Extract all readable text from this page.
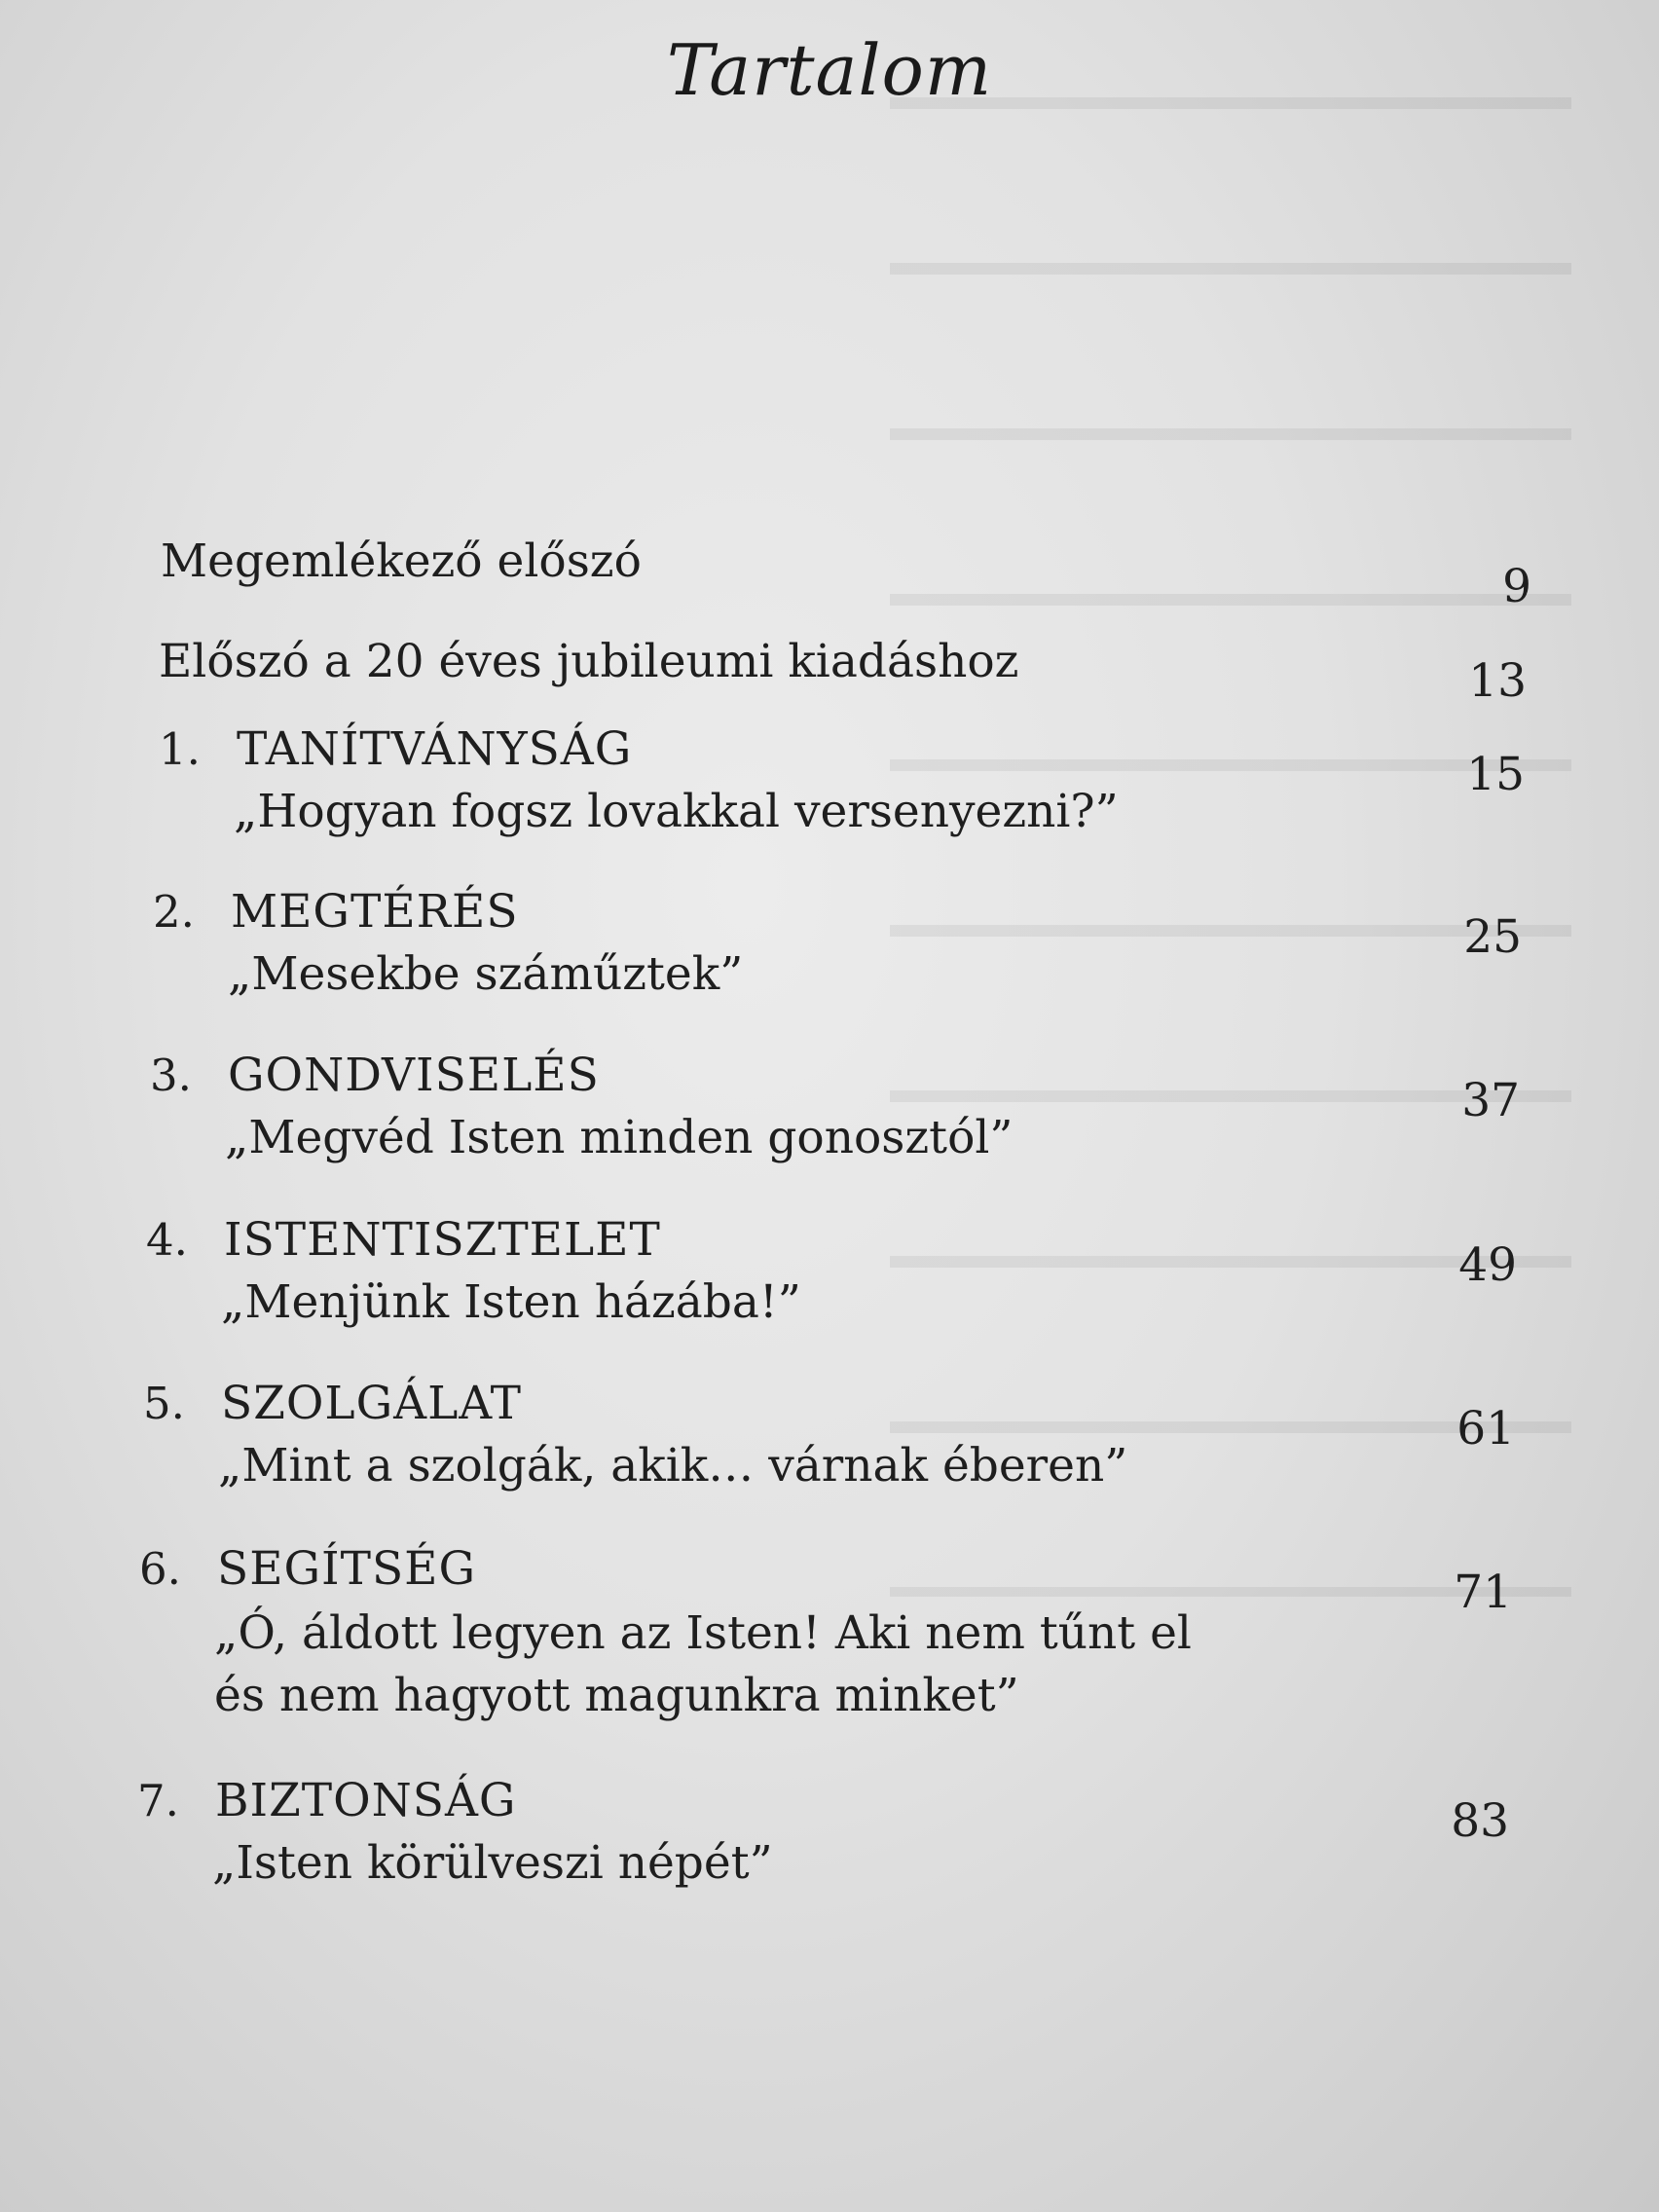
Tartalom
Megemlékező előszó	9
Előszó a 20 éves jubileumi kiadáshoz	13
1. TANÍTVÁNYSÁG
„Hogyan fogsz lovakkal versenyezni?”
15
2. MEGTÉRÉS
„Mesekbe száműztek”
25
3. GONDVISELÉS
„Megvéd Isten minden gonosztól”
37
4. ISTENTISZTELET
„Menjünk Isten házába!”
49
5. SZOLGÁLAT
„Mint a szolgák, akik… várnak éberen”
61
6. SEGÍTSÉG
„Ó, áldott legyen az Isten! Aki nem tűnt el
és nem hagyott magunkra minket”
71
7. BIZTONSÁG
„Isten körülveszi népét”
83
